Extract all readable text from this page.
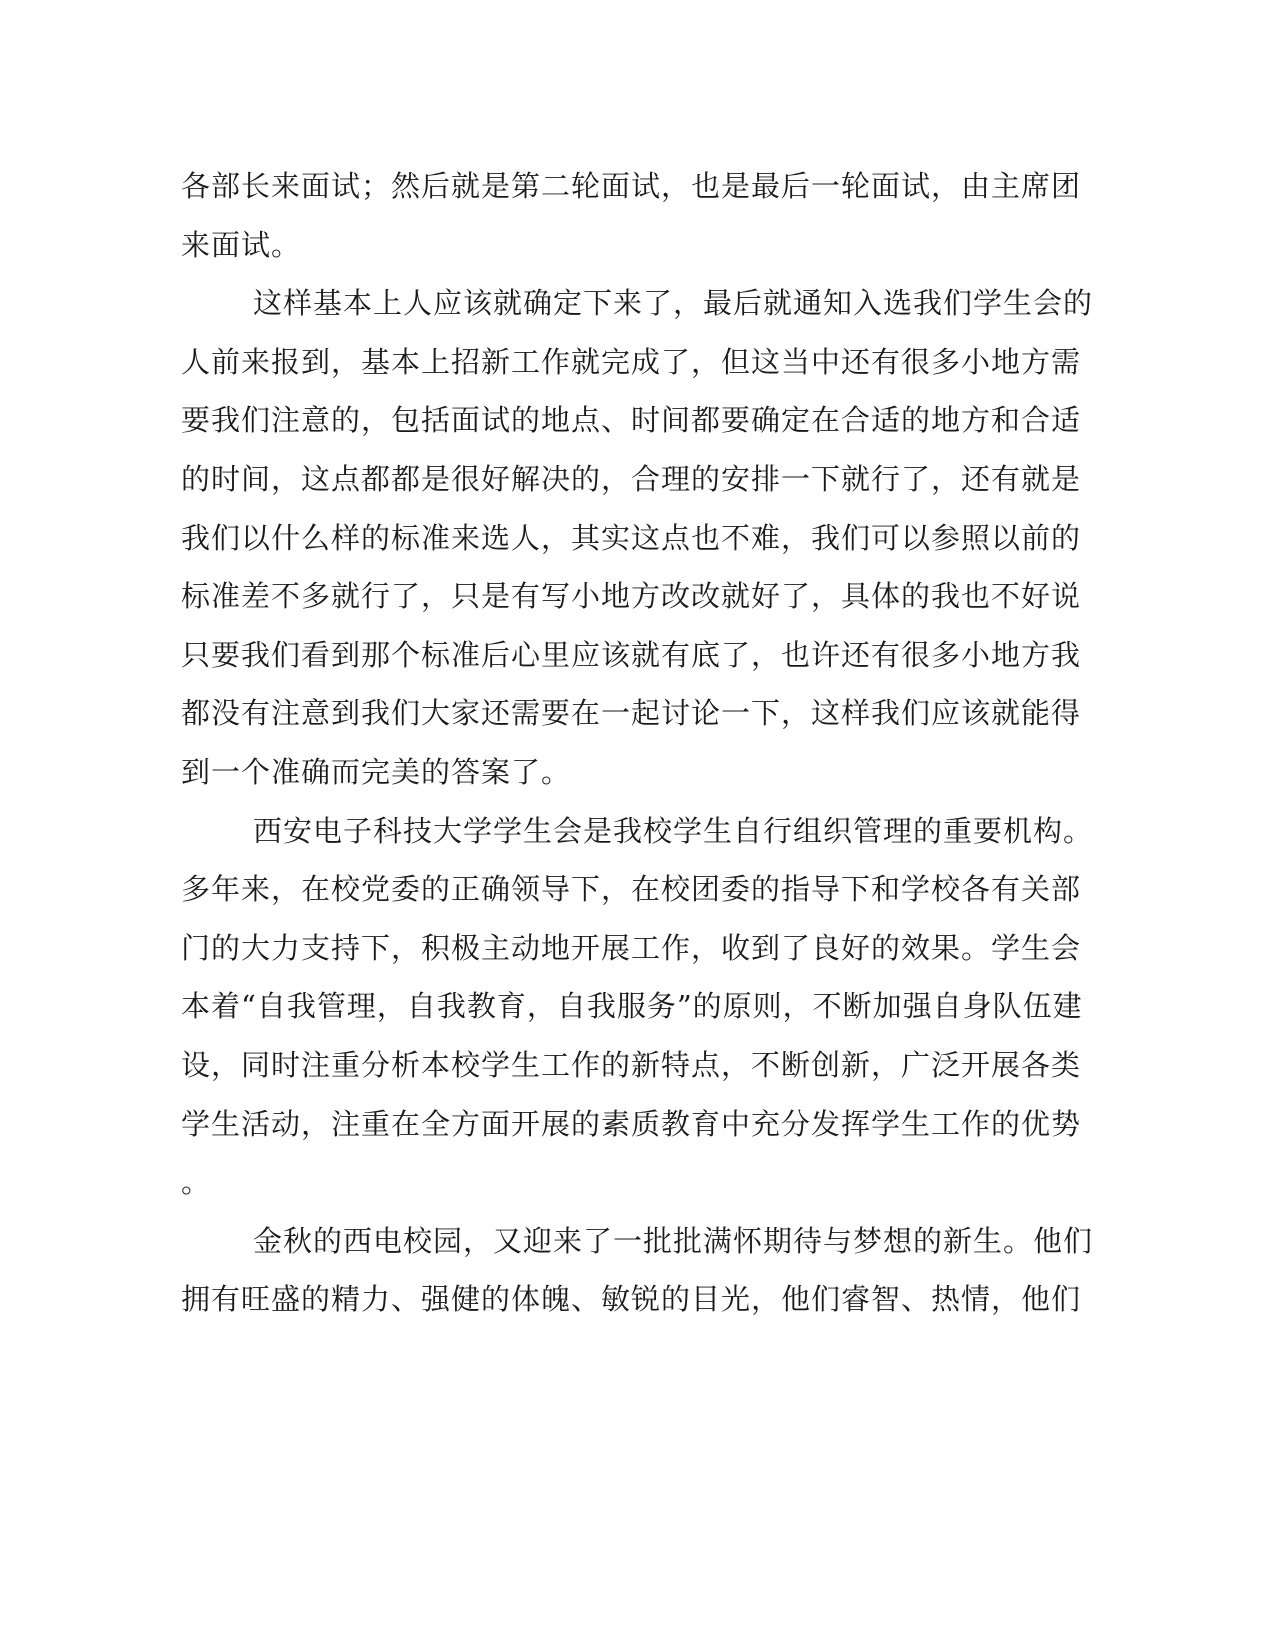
各部长来面试；然后就是第二轮面试，也是最后一轮面试，由主席团
来面试。
这样基本上人应该就确定下来了，最后就通知入选我们学生会的
人前来报到，基本上招新工作就完成了，但这当中还有很多小地方需
要我们注意的，包括面试的地点、时间都要确定在合适的地方和合适
的时间，这点都都是很好解决的，合理的安排一下就行了，还有就是
我们以什么样的标准来选人，其实这点也不难，我们可以参照以前的
标准差不多就行了，只是有写小地方改改就好了，具体的我也不好说
只要我们看到那个标准后心里应该就有底了，也许还有很多小地方我
都没有注意到我们大家还需要在一起讨论一下，这样我们应该就能得
到一个准确而完美的答案了。
西安电子科技大学学生会是我校学生自行组织管理的重要机构。
多年来，在校党委的正确领导下，在校团委的指导下和学校各有关部
门的大力支持下，积极主动地开展工作，收到了良好的效果。学生会
本着“自我管理，自我教育，自我服务”的原则，不断加强自身队伍建
设，同时注重分析本校学生工作的新特点，不断创新，广泛开展各类
学生活动，注重在全方面开展的素质教育中充分发挥学生工作的优势
。
金秋的西电校园，又迎来了一批批满怀期待与梦想的新生。他们
拥有旺盛的精力、强健的体魄、敏锐的目光，他们睿智、热情，他们
